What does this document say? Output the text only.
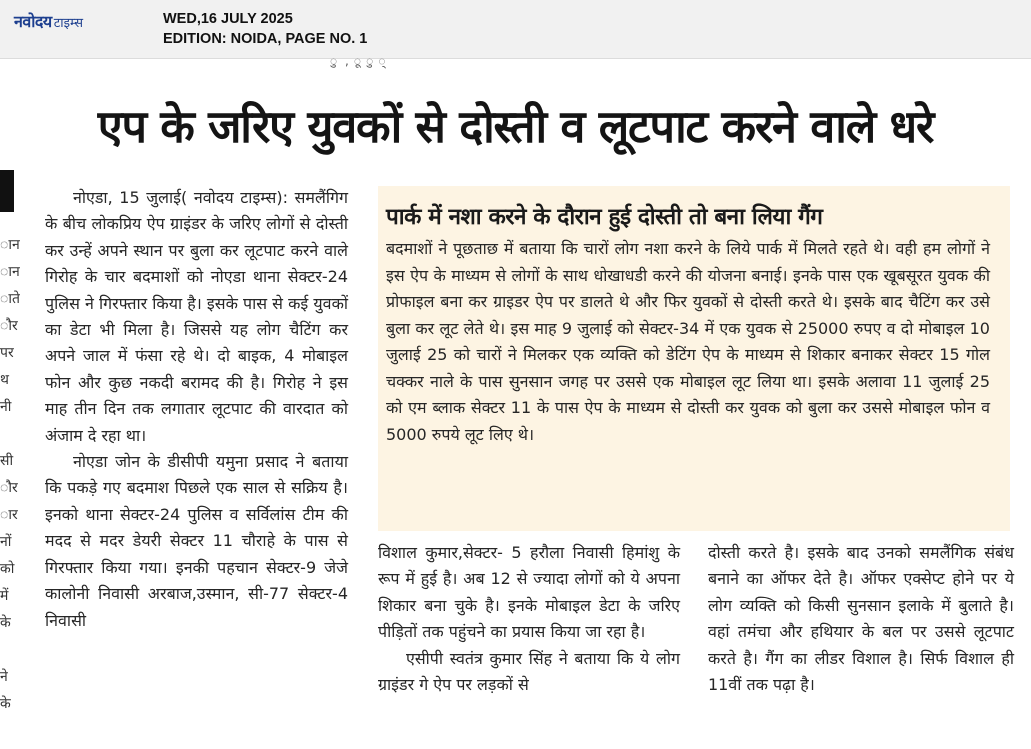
नवोदय टाइम्स	WED,16 JULY 2025
EDITION: NOIDA, PAGE NO. 1
ु , ू ु ्
एप के जरिए युवकों से दोस्ती व लूटपाट करने वाले धरे
ान
ान
ाते
ौर
पर
थ
नी
सी
ौर
ार
नों
को
में
के
ने
के

नोएडा, 15 जुलाई( नवोदय टाइम्स): समलैंगिग के बीच लोकप्रिय ऐप ग्राइंडर के जरिए लोगों से दोस्ती कर उन्हें अपने स्थान पर बुला कर लूटपाट करने वाले गिरोह के चार बदमाशों को नोएडा थाना सेक्टर-24 पुलिस ने गिरफ्तार किया है। इसके पास से कई युवकों का डेटा भी मिला है। जिससे यह लोग चैटिंग कर अपने जाल में फंसा रहे थे। दो बाइक, 4 मोबाइल फोन और कुछ नकदी बरामद की है। गिरोह ने इस माह तीन दिन तक लगातार लूटपाट की वारदात को अंजाम दे रहा था।

नोएडा जोन के डीसीपी यमुना प्रसाद ने बताया कि पकड़े गए बदमाश पिछले एक साल से सक्रिय है। इनको थाना सेक्टर-24 पुलिस व सर्विलांस टीम की मदद से मदर डेयरी सेक्टर 11 चौराहे के पास से गिरफ्तार किया गया। इनकी पहचान सेक्टर-9 जेजे कालोनी निवासी अरबाज,उस्मान, सी-77 सेक्टर-4 निवासी

पार्क में नशा करने के दौरान हुई दोस्ती तो बना लिया गैंग

बदमाशों ने पूछताछ में बताया कि चारों लोग नशा करने के लिये पार्क में मिलते रहते थे। वही हम लोगों ने इस ऐप के माध्यम से लोगों के साथ धोखाधडी करने की योजना बनाई। इनके पास एक खूबसूरत युवक की प्रोफाइल बना कर ग्राइडर ऐप पर डालते थे और फिर युवकों से दोस्ती करते थे। इसके बाद चैटिंग कर उसे बुला कर लूट लेते थे। इस माह 9 जुलाई को सेक्टर-34 में एक युवक से 25000 रुपए व दो मोबाइल 10 जुलाई 25 को चारों ने मिलकर एक व्यक्ति को डेटिंग ऐप के माध्यम से शिकार बनाकर सेक्टर 15 गोल चक्कर नाले के पास सुनसान जगह पर उससे एक मोबाइल लूट लिया था। इसके अलावा 11 जुलाई 25 को एम ब्लाक सेक्टर 11 के पास ऐप के माध्यम से दोस्ती कर युवक को बुला कर उससे मोबाइल फोन व 5000 रुपये लूट लिए थे।

विशाल कुमार,सेक्टर- 5 हरौला निवासी हिमांशु के रूप में हुई है। अब 12 से ज्यादा लोगों को ये अपना शिकार बना चुके है। इनके मोबाइल डेटा के जरिए पीड़ितों तक पहुंचने का प्रयास किया जा रहा है।

एसीपी स्वतंत्र कुमार सिंह ने बताया कि ये लोग ग्राइंडर गे ऐप पर लड़कों से

दोस्ती करते है। इसके बाद उनको समलैंगिक संबंध बनाने का ऑफर देते है। ऑफर एक्सेप्ट होने पर ये लोग व्यक्ति को किसी सुनसान इलाके में बुलाते है। वहां तमंचा और हथियार के बल पर उससे लूटपाट करते है। गैंग का लीडर विशाल है। सिर्फ विशाल ही 11वीं तक पढ़ा है।
